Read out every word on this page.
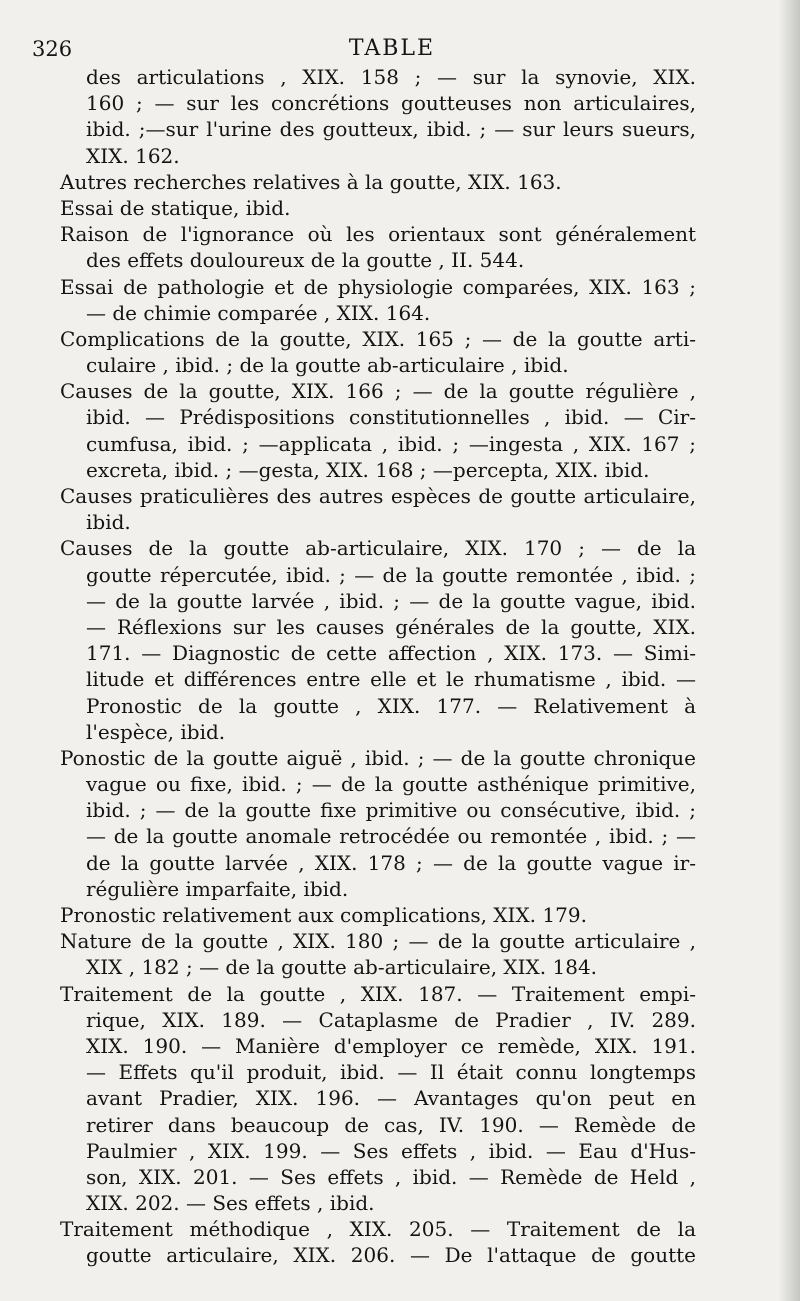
326	TABLE
des articulations , XIX. 158 ; — sur la synovie, XIX.
160 ; — sur les concrétions goutteuses non articulaires,
ibid. ;—sur l'urine des goutteux, ibid. ; — sur leurs sueurs,
XIX. 162.
Autres recherches relatives à la goutte, XIX. 163.
Essai de statique, ibid.
Raison de l'ignorance où les orientaux sont généralement
des effets douloureux de la goutte , II. 544.
Essai de pathologie et de physiologie comparées, XIX. 163 ;
— de chimie comparée , XIX. 164.
Complications de la goutte, XIX. 165 ; — de la goutte arti-
culaire , ibid. ; de la goutte ab-articulaire , ibid.
Causes de la goutte, XIX. 166 ; — de la goutte régulière ,
ibid. — Prédispositions constitutionnelles , ibid. — Cir-
cumfusa, ibid. ; —applicata , ibid. ; —ingesta , XIX. 167 ;
excreta, ibid. ; —gesta, XIX. 168 ; —percepta, XIX. ibid.
Causes praticulières des autres espèces de goutte articulaire,
ibid.
Causes de la goutte ab-articulaire, XIX. 170 ; — de la
goutte répercutée, ibid. ; — de la goutte remontée , ibid. ;
— de la goutte larvée , ibid. ; — de la goutte vague, ibid.
— Réflexions sur les causes générales de la goutte, XIX.
171. — Diagnostic de cette affection , XIX. 173. — Simi-
litude et différences entre elle et le rhumatisme , ibid. —
Pronostic de la goutte , XIX. 177. — Relativement à
l'espèce, ibid.
Ponostic de la goutte aiguë , ibid. ; — de la goutte chronique
vague ou fixe, ibid. ; — de la goutte asthénique primitive,
ibid. ; — de la goutte fixe primitive ou consécutive, ibid. ;
— de la goutte anomale retrocédée ou remontée , ibid. ; —
de la goutte larvée , XIX. 178 ; — de la goutte vague ir-
régulière imparfaite, ibid.
Pronostic relativement aux complications, XIX. 179.
Nature de la goutte , XIX. 180 ; — de la goutte articulaire ,
XIX , 182 ; — de la goutte ab-articulaire, XIX. 184.
Traitement de la goutte , XIX. 187. — Traitement empi-
rique, XIX. 189. — Cataplasme de Pradier , IV. 289.
XIX. 190. — Manière d'employer ce remède, XIX. 191.
— Effets qu'il produit, ibid. — Il était connu longtemps
avant Pradier, XIX. 196. — Avantages qu'on peut en
retirer dans beaucoup de cas, IV. 190. — Remède de
Paulmier , XIX. 199. — Ses effets , ibid. — Eau d'Hus-
son, XIX. 201. — Ses effets , ibid. — Remède de Held ,
XIX. 202. — Ses effets , ibid.
Traitement méthodique , XIX. 205. — Traitement de la
goutte articulaire, XIX. 206. — De l'attaque de goutte
